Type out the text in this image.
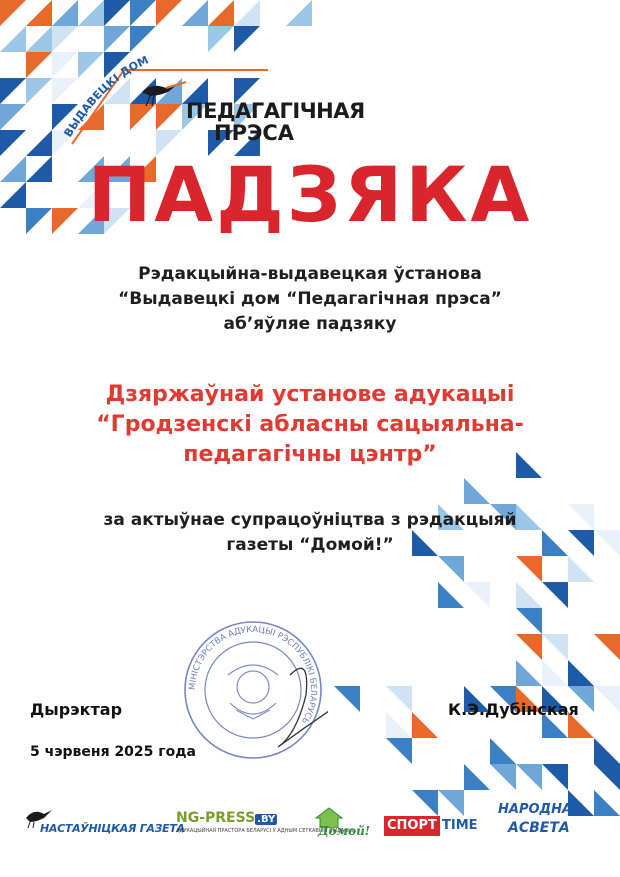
ВЫДАВЕЦКІ ДОМ
ПЕДАГАГІЧНАЯ
ПРЭСА
ПАДЗЯКА
Рэдакцыйна-выдавецкая ўстанова
“Выдавецкі дом “Педагагічная прэса”
аб’яўляе падзяку
Дзяржаўнай установе адукацыі
“Гродзенскі абласны сацыяльна-
педагагічны цэнтр”
за актыўнае супрацоўніцтва з рэдакцыяй
газеты “Домой!”
МІНІСТЭРСТВА АДУКАЦЫІ РЭСПУБЛІКІ БЕЛАРУСЬ
Дырэктар	К.Э.Дубінская
5 чэрвеня 2025 года
НАСТАЎНІЦКАЯ ГАЗЕТА
NG-PRESS .BY
АДУКАЦЫЙНАЯ ПРАСТОРА БЕЛАРУСІ Ў АДНЫМ СЕТКАВЫМ ВЫДАННІ
Домой! СПОРТ TIME
НАРОДНАЯ
АСВЕТА
